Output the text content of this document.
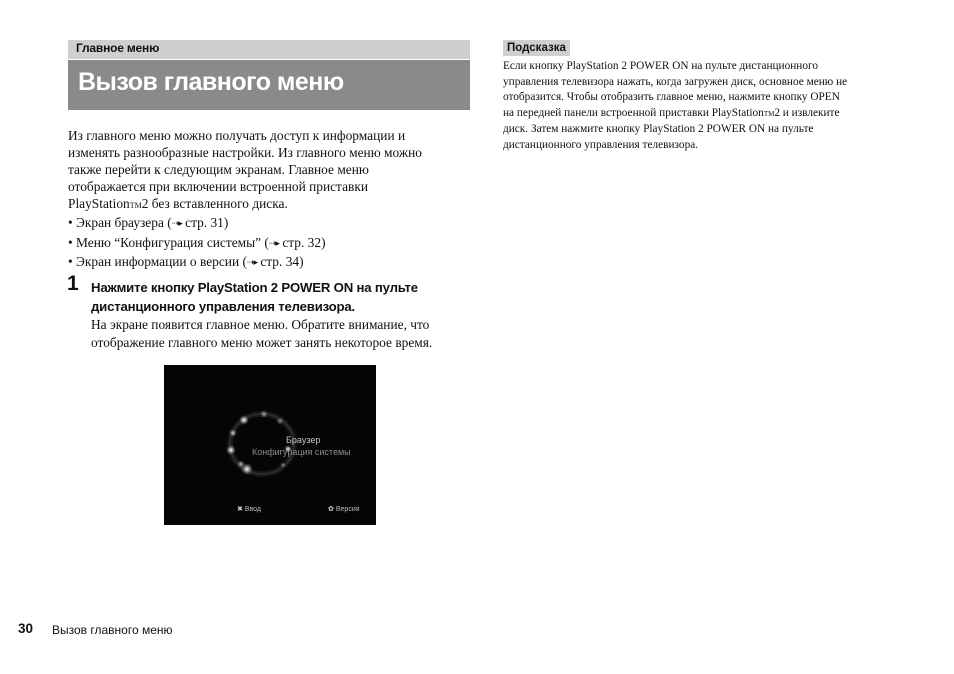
Главное меню
Вызов главного меню

Из главного меню можно получать доступ к информации и

изменять разнообразные настройки. Из главного меню можно

также перейти к следующим экранам. Главное меню

отображается при включении встроенной приставки

PlayStationTM2 без вставленного диска.

• Экран браузера (⇢▸ стр. 31)
• Меню “Конфигурация системы” (⇢▸ стр. 32)
• Экран информации о версии (⇢▸ стр. 34)
1 Нажмите кнопку PlayStation 2 POWER ON на пульте
дистанционного управления телевизора.
На экране появится главное меню. Обратите внимание, что
отображение главного меню может занять некоторое время.
Браузер
Конфигурация системы
✖ Ввод	✿ Версия
Подсказка
Если кнопку PlayStation 2 POWER ON на пульте дистанционного
управления телевизора нажать, когда загружен диск, основное меню не
отобразится. Чтобы отобразить главное меню, нажмите кнопку OPEN
на передней панели встроенной приставки PlayStationTM2 и извлеките
диск. Затем нажмите кнопку PlayStation 2 POWER ON на пульте
дистанционного управления телевизора.
30 Вызов главного меню
